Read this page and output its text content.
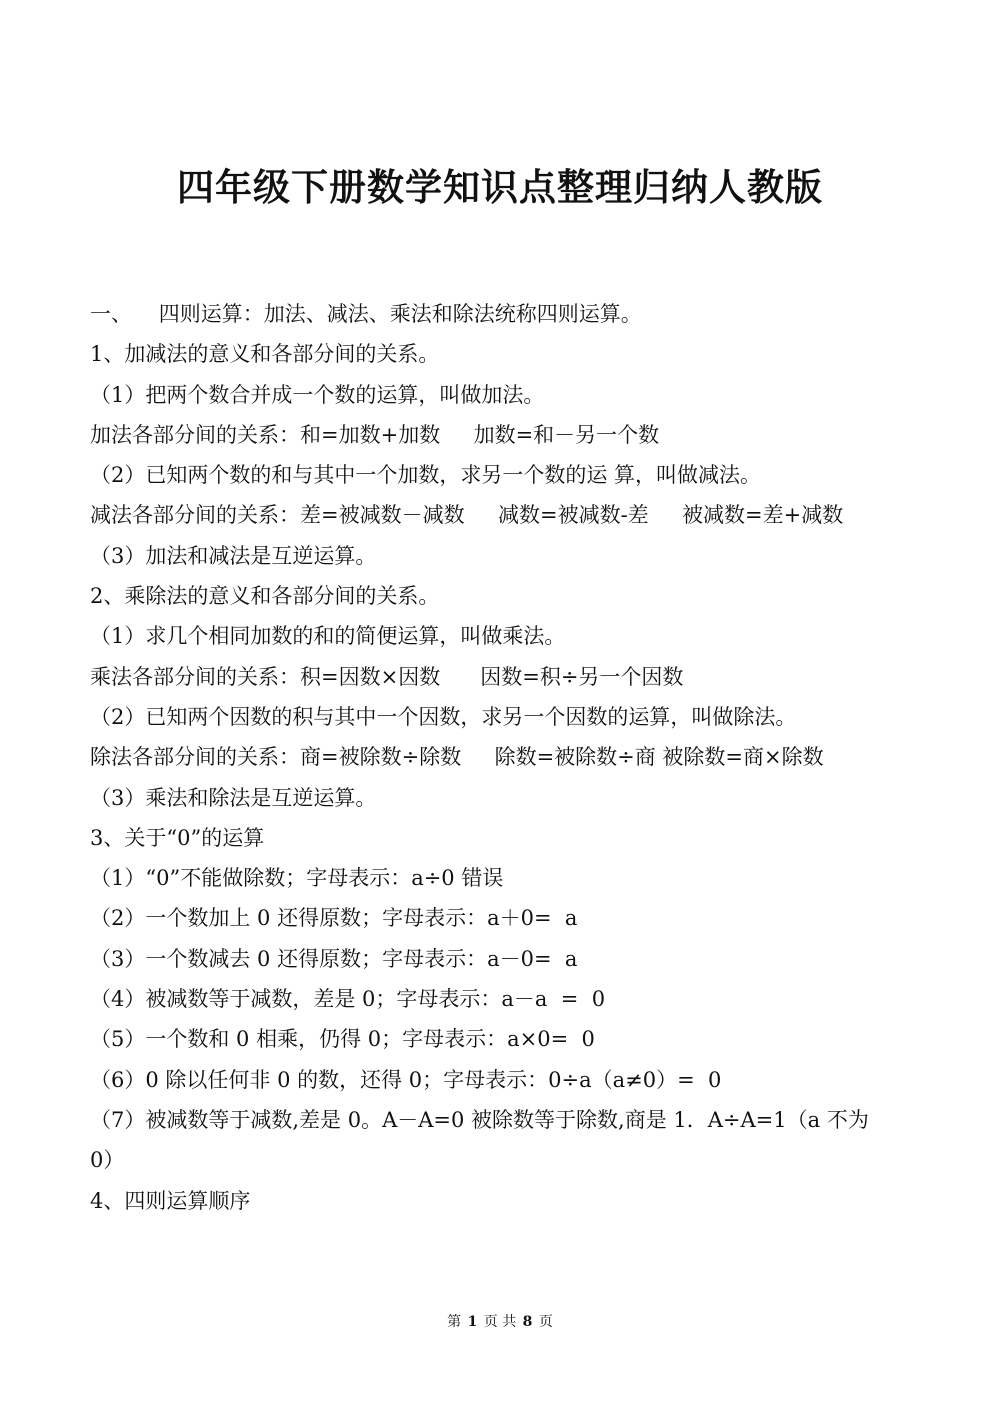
四年级下册数学知识点整理归纳人教版

一、    四则运算：加法、减法、乘法和除法统称四则运算。

1、加减法的意义和各部分间的关系。

（1）把两个数合并成一个数的运算，叫做加法。

加法各部分间的关系：和=加数+加数     加数=和－另一个数

（2）已知两个数的和与其中一个加数，求另一个数的运 算，叫做减法。

减法各部分间的关系：差=被减数－减数     减数=被减数-差     被减数=差+减数

（3）加法和减法是互逆运算。

2、乘除法的意义和各部分间的关系。

（1）求几个相同加数的和的简便运算，叫做乘法。

乘法各部分间的关系：积=因数×因数      因数=积÷另一个因数

（2）已知两个因数的积与其中一个因数，求另一个因数的运算，叫做除法。

除法各部分间的关系：商=被除数÷除数     除数=被除数÷商 被除数=商×除数

（3）乘法和除法是互逆运算。

3、关于“0”的运算

（1）“0”不能做除数；字母表示：a÷0 错误

（2）一个数加上 0 还得原数；字母表示：a＋0=  a

（3）一个数减去 0 还得原数；字母表示：a－0=  a

（4）被减数等于减数，差是 0；字母表示：a－a  =  0

（5）一个数和 0 相乘，仍得 0；字母表示：a×0=  0

（6）0 除以任何非 0 的数，还得 0；字母表示：0÷a（a≠0）=  0

（7）被减数等于减数,差是 0。A－A=0 被除数等于除数,商是 1．A÷A=1（a 不为

0）

4、四则运算顺序

第 1 页 共 8 页
